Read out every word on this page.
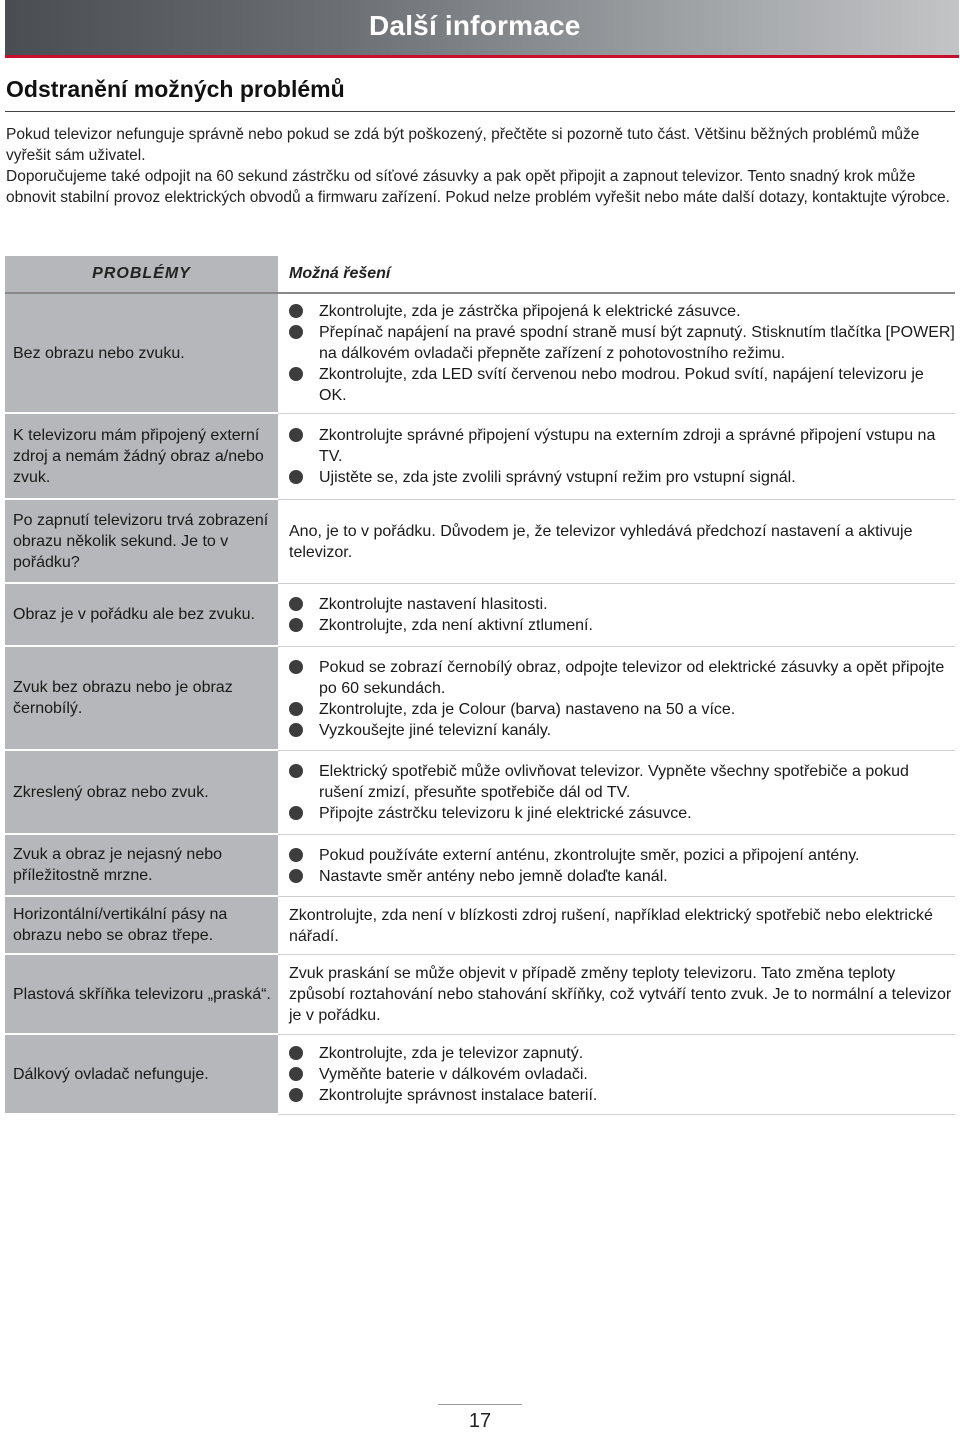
Další informace
Odstranění možných problémů

Pokud televizor nefunguje správně nebo pokud se zdá být poškozený, přečtěte si pozorně tuto část. Většinu běžných problémů může vyřešit sám uživatel.

Doporučujeme také odpojit na 60 sekund zástrčku od síťové zásuvky a pak opět připojit a zapnout televizor. Tento snadný krok může obnovit stabilní provoz elektrických obvodů a firmwaru zařízení. Pokud nelze problém vyřešit nebo máte další dotazy, kontaktujte výrobce.

PROBLÉMY	Možná řešení
Bez obrazu nebo zvuku.
Zkontrolujte, zda je zástrčka připojená k elektrické zásuvce.
Přepínač napájení na pravé spodní straně musí být zapnutý. Stisknutím tlačítka [POWER] na dálkovém ovladači přepněte zařízení z pohotovostního režimu.
Zkontrolujte, zda LED svítí červenou nebo modrou. Pokud svítí, napájení televizoru je OK.
K televizoru mám připojený externí zdroj a nemám žádný obraz a/nebo zvuk.
Zkontrolujte správné připojení výstupu na externím zdroji a správné připojení vstupu na TV.
Ujistěte se, zda jste zvolili správný vstupní režim pro vstupní signál.
Po zapnutí televizoru trvá zobrazení obrazu několik sekund. Je to v pořádku?
Ano, je to v pořádku. Důvodem je, že televizor vyhledává předchozí nastavení a aktivuje televizor.
Obraz je v pořádku ale bez zvuku.
Zkontrolujte nastavení hlasitosti.
Zkontrolujte, zda není aktivní ztlumení.
Zvuk bez obrazu nebo je obraz černobílý.
Pokud se zobrazí černobílý obraz, odpojte televizor od elektrické zásuvky a opět připojte po 60 sekundách.
Zkontrolujte, zda je Colour (barva) nastaveno na 50 a více.
Vyzkoušejte jiné televizní kanály.
Zkreslený obraz nebo zvuk.
Elektrický spotřebič může ovlivňovat televizor. Vypněte všechny spotřebiče a pokud rušení zmizí, přesuňte spotřebiče dál od TV.
Připojte zástrčku televizoru k jiné elektrické zásuvce.
Zvuk a obraz je nejasný nebo příležitostně mrzne.
Pokud používáte externí anténu, zkontrolujte směr, pozici a připojení antény.
Nastavte směr antény nebo jemně dolaďte kanál.
Horizontální/vertikální pásy na obrazu nebo se obraz třepe.
Zkontrolujte, zda není v blízkosti zdroj rušení, například elektrický spotřebič nebo elektrické nářadí.
Plastová skříňka televizoru „praská“.
Zvuk praskání se může objevit v případě změny teploty televizoru. Tato změna teploty způsobí roztahování nebo stahování skříňky, což vytváří tento zvuk. Je to normální a televizor je v pořádku.
Dálkový ovladač nefunguje.
Zkontrolujte, zda je televizor zapnutý.
Vyměňte baterie v dálkovém ovladači.
Zkontrolujte správnost instalace baterií.
17
